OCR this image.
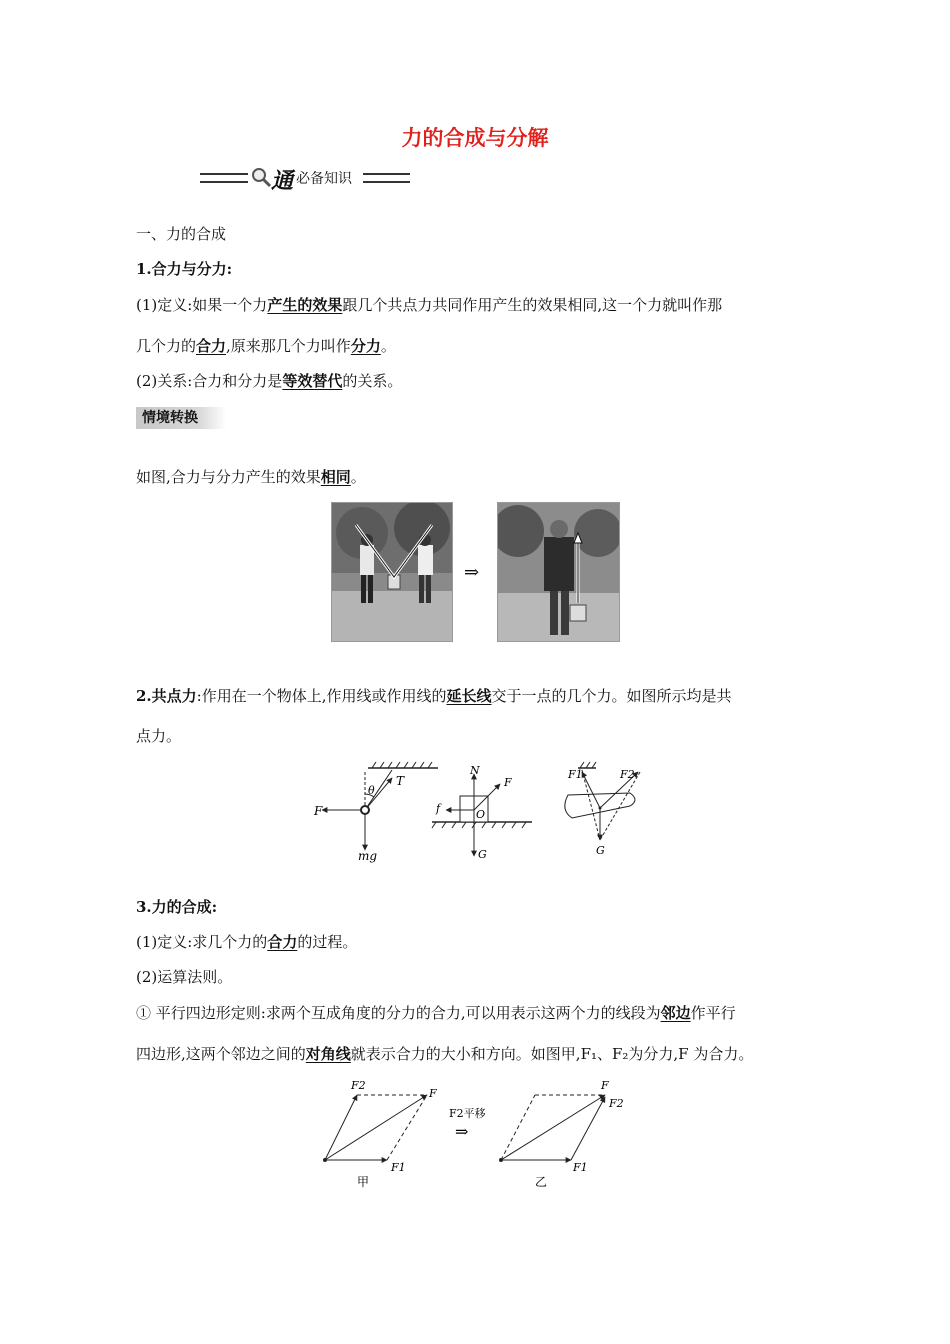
力的合成与分解
通 必备知识
一、力的合成
1.合力与分力:
(1)定义:如果一个力产生的效果跟几个共点力共同作用产生的效果相同,这一个力就叫作那
几个力的合力,原来那几个力叫作分力。
(2)关系:合力和分力是等效替代的关系。
情境转换
如图,合力与分力产生的效果相同。
⇒
2.共点力:作用在一个物体上,作用线或作用线的延长线交于一点的几个力。如图所示均是共
点力。
θ
T
F
mg
N
F
f	O
G
F1	F2
G
3.力的合成:
(1)定义:求几个力的合力的过程。
(2)运算法则。
① 平行四边形定则:求两个互成角度的分力的合力,可以用表示这两个力的线段为邻边作平行
四边形,这两个邻边之间的对角线就表示合力的大小和方向。如图甲,F₁、F₂为分力,F 为合力。
F2
F
F1
甲
F2平移
⇒
F
F2
F1
乙
